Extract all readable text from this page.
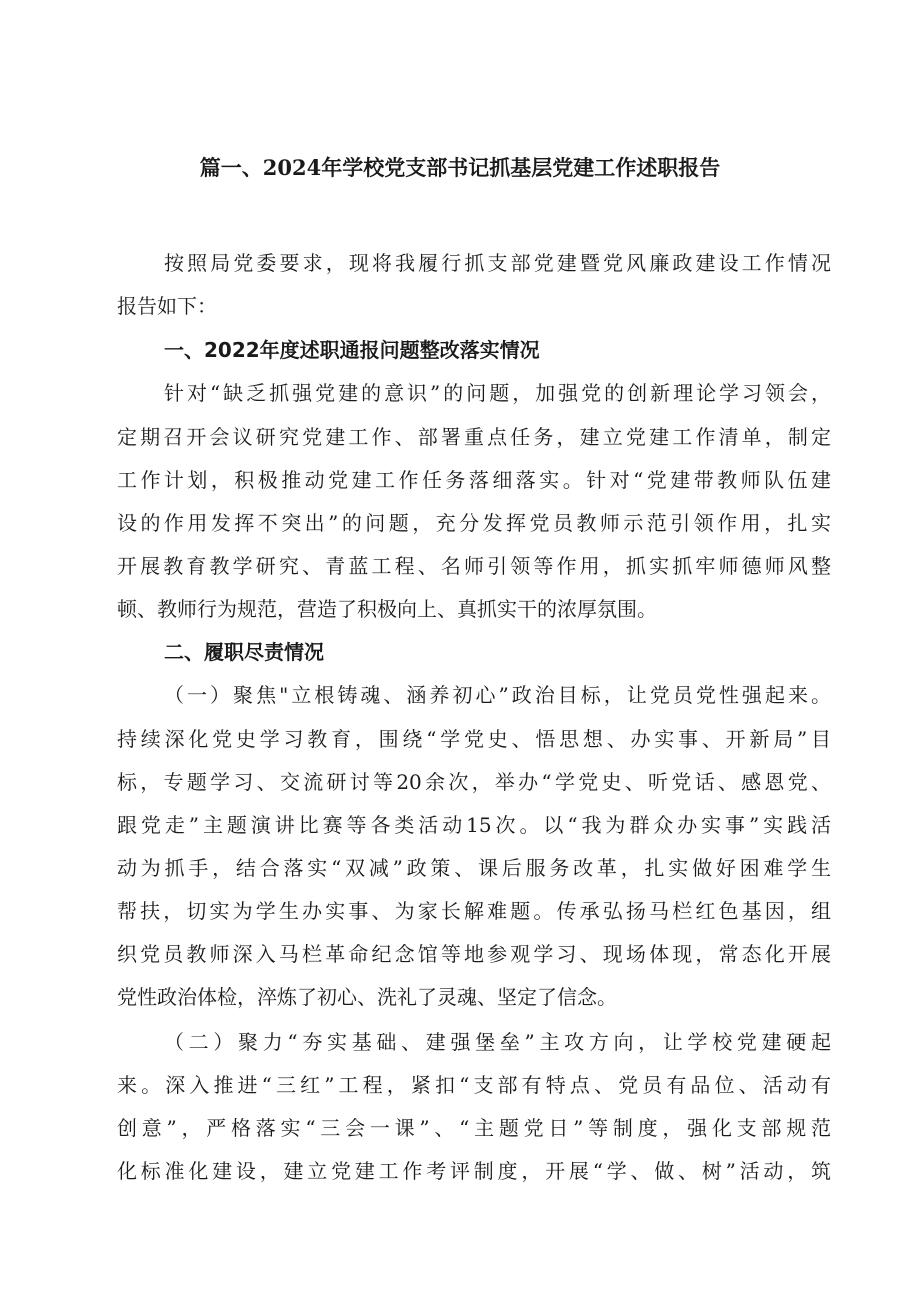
篇一、2024年学校党支部书记抓基层党建工作述职报告
按照局党委要求，现将我履行抓支部党建暨党风廉政建设工作情况
报告如下：
一、2022年度述职通报问题整改落实情况
针对“缺乏抓强党建的意识”的问题，加强党的创新理论学习领会，
定期召开会议研究党建工作、部署重点任务，建立党建工作清单，制定
工作计划，积极推动党建工作任务落细落实。针对“党建带教师队伍建
设的作用发挥不突出”的问题，充分发挥党员教师示范引领作用，扎实
开展教育教学研究、青蓝工程、名师引领等作用，抓实抓牢师德师风整
顿、教师行为规范，营造了积极向上、真抓实干的浓厚氛围。
二、履职尽责情况
（一）聚焦"立根铸魂、涵养初心”政治目标，让党员党性强起来。
持续深化党史学习教育，围绕“学党史、悟思想、办实事、开新局”目
标，专题学习、交流研讨等20余次，举办“学党史、听党话、感恩党、
跟党走”主题演讲比赛等各类活动15次。以“我为群众办实事”实践活
动为抓手，结合落实“双减”政策、课后服务改革，扎实做好困难学生
帮扶，切实为学生办实事、为家长解难题。传承弘扬马栏红色基因，组
织党员教师深入马栏革命纪念馆等地参观学习、现场体现，常态化开展
党性政治体检，淬炼了初心、洗礼了灵魂、坚定了信念。
（二）聚力“夯实基础、建强堡垒”主攻方向，让学校党建硬起
来。深入推进“三红”工程，紧扣“支部有特点、党员有品位、活动有
创意”，严格落实“三会一课”、“主题党日”等制度，强化支部规范
化标准化建设，建立党建工作考评制度，开展“学、做、树”活动，筑
